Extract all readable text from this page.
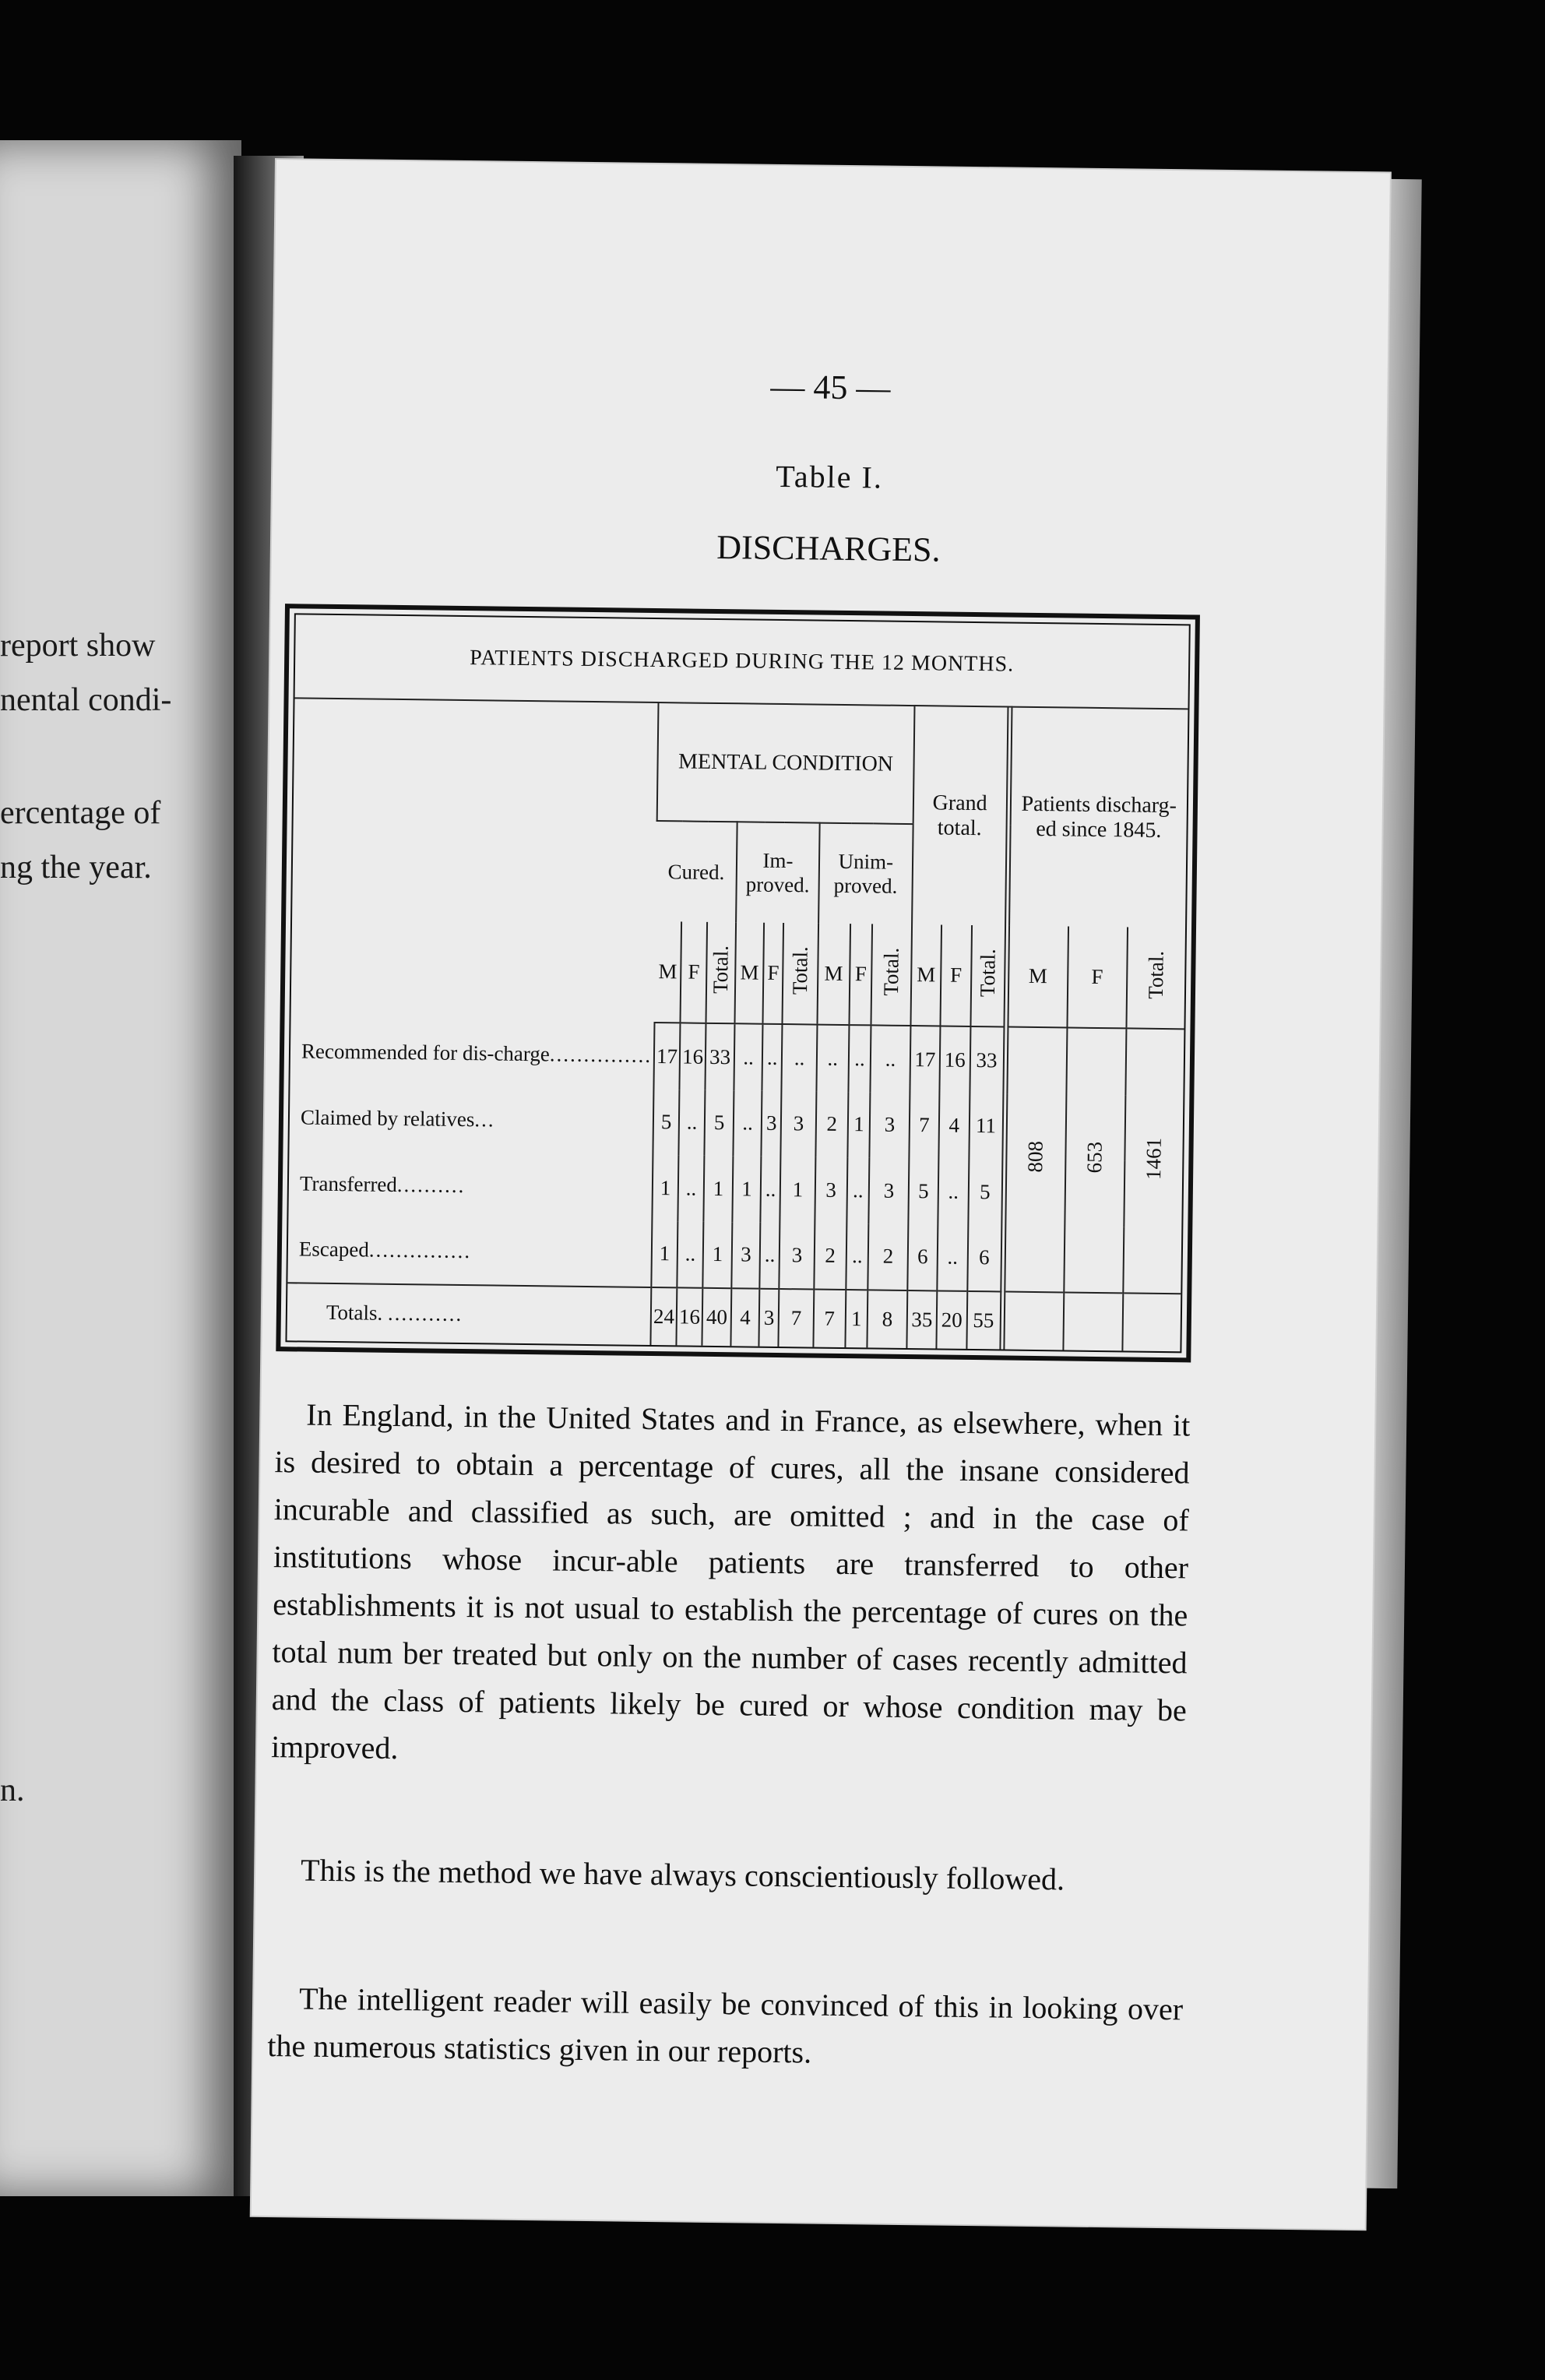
report show
nental condi-
ercentage of
ng the year.
n.
— 45 —
Table I.
DISCHARGES.
PATIENTS DISCHARGED DURING THE 12 MONTHS.																
	MENTAL CONDITION									Grand total.				Patients discharg-ed since 1845.		
	Cured.			Im-proved.			Unim-proved.									
	M	F	Total.	M	F	Total.	M	F	Total.	M	F	Total.		M	F	Total.
Recommended for dis-charge...............	17	16	33	..	..	..	..	..	..	17	16	33		808	653	1461
Claimed by relatives...	5	..	5	..	3	3	2	1	3	7	4	11				
Transferred..........	1	..	1	1	..	1	3	..	3	5	..	5				
Escaped...............	1	..	1	3	..	3	2	..	2	6	..	6				
Totals. ...........	24	16	40	4	3	7	7	1	8	35	20	55				
In England, in the United States and in France, as elsewhere, when it is desired to obtain a percentage of cures, all the insane considered incurable and classified as such, are omitted ; and in the case of institutions whose incur-able patients are transferred to other establishments it is not usual to establish the percentage of cures on the total num ber treated but only on the number of cases recently admitted and the class of patients likely be cured or whose condition may be improved.
This is the method we have always conscientiously followed.
The intelligent reader will easily be convinced of this in looking over the numerous statistics given in our reports.
